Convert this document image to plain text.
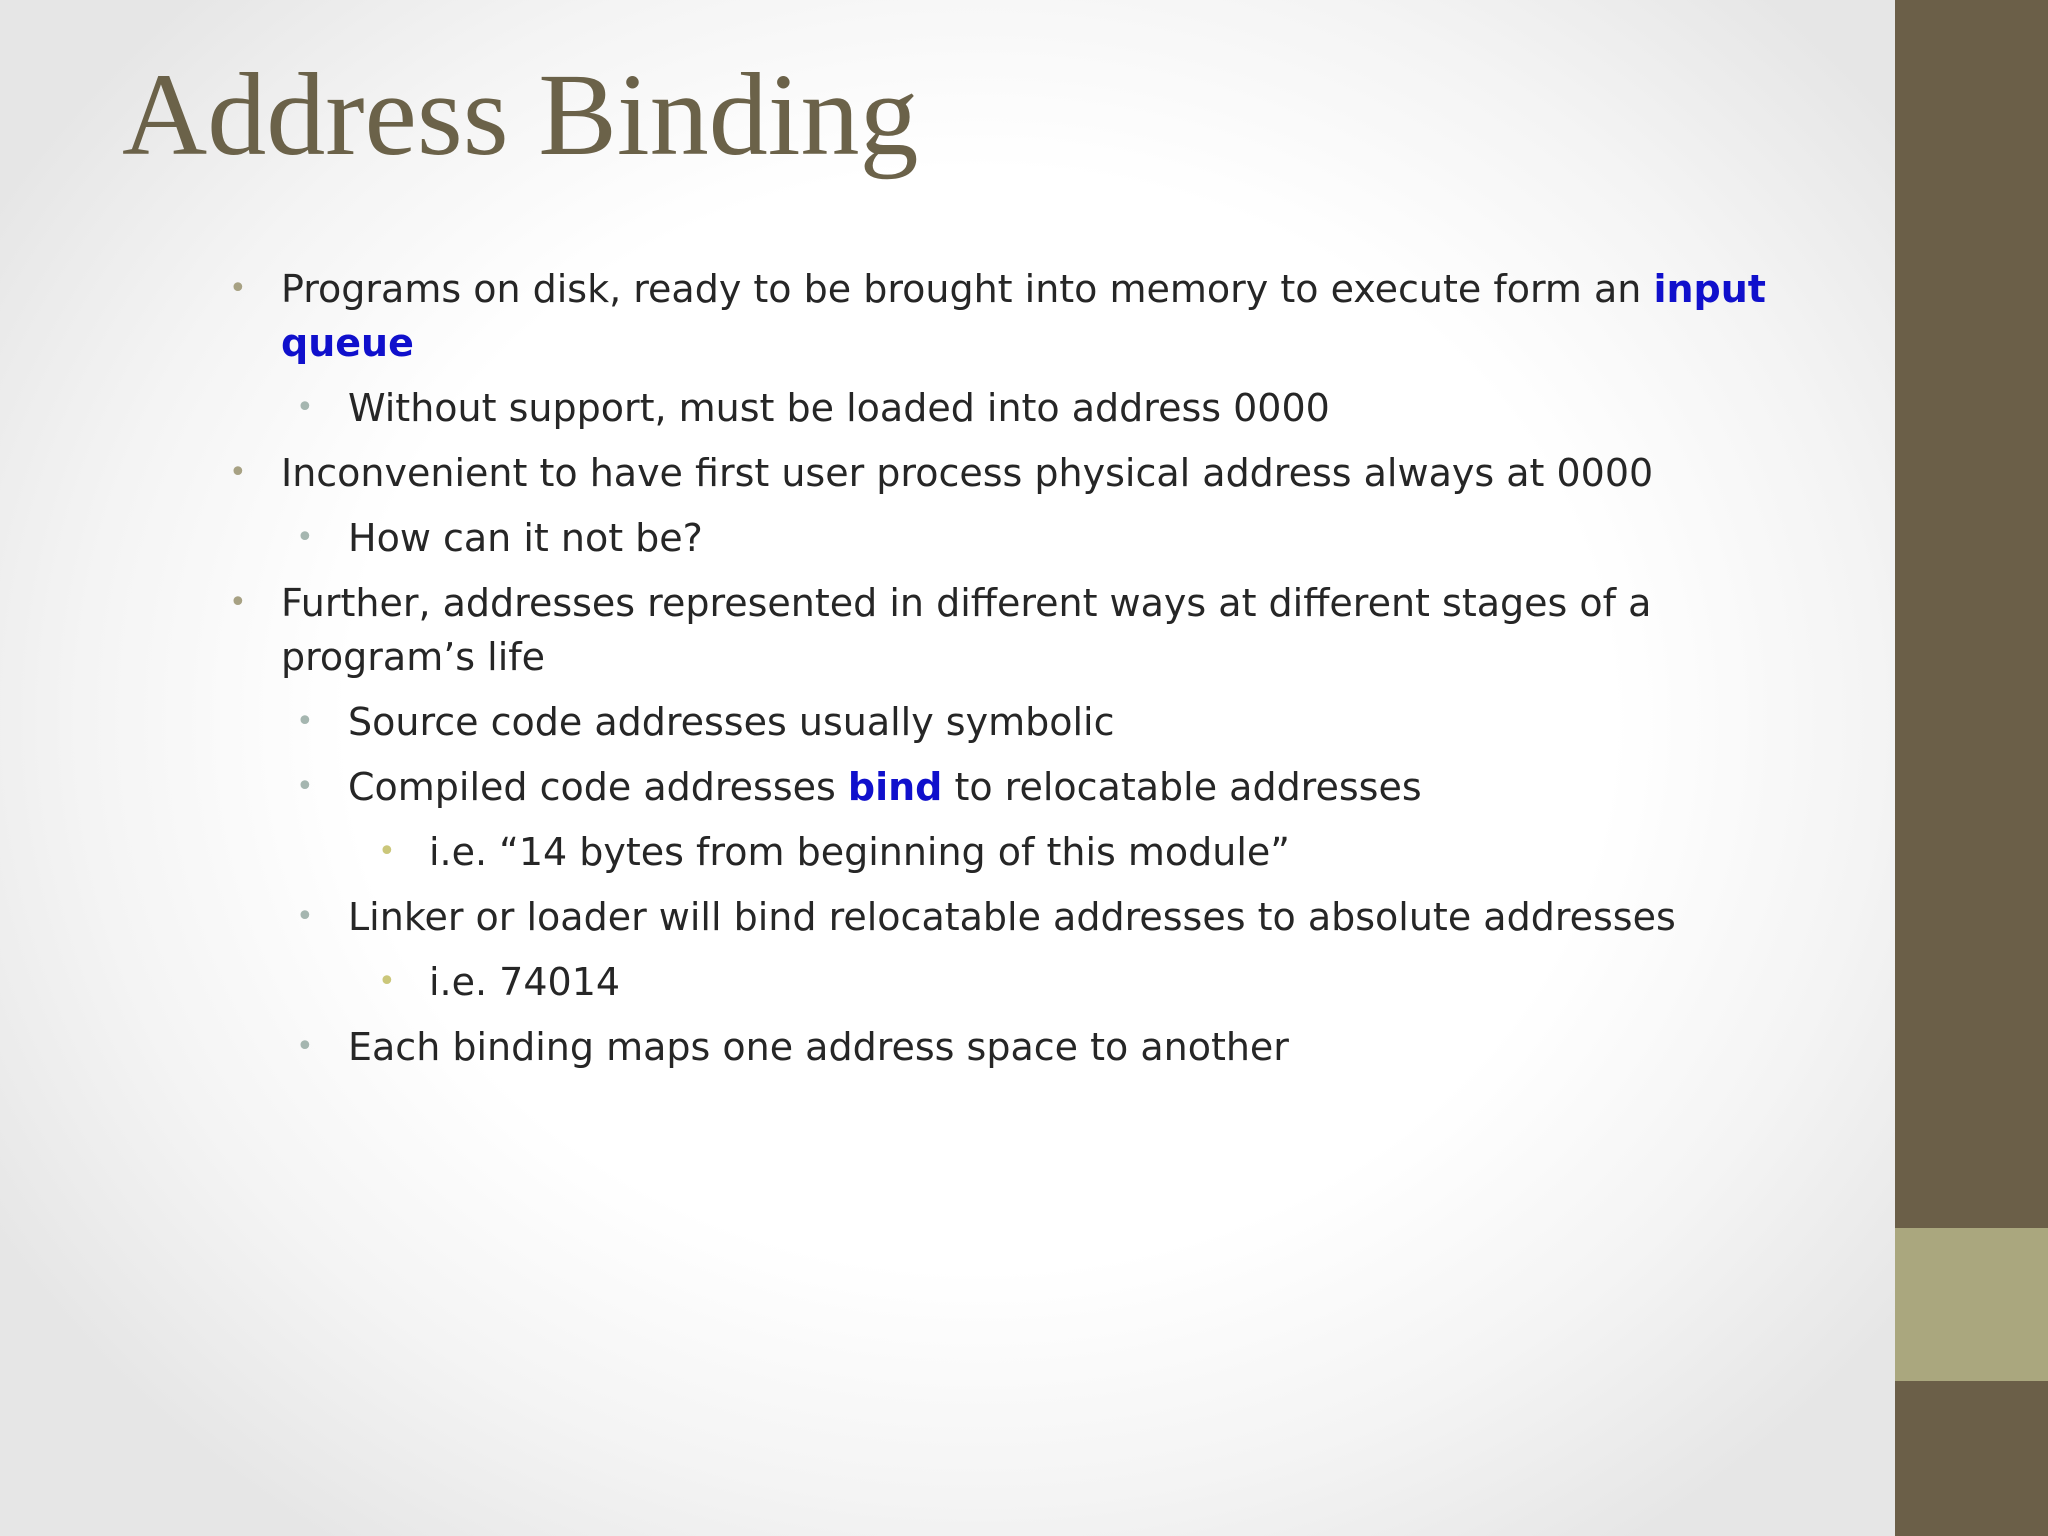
Address Binding
• Programs on disk, ready to be brought into memory to execute form an input queue
• Without support, must be loaded into address 0000
• Inconvenient to have first user process physical address always at 0000
• How can it not be?
• Further, addresses represented in different ways at different stages of a program’s life
• Source code addresses usually symbolic
• Compiled code addresses bind to relocatable addresses
• i.e. “14 bytes from beginning of this module”
• Linker or loader will bind relocatable addresses to absolute addresses
• i.e. 74014
• Each binding maps one address space to another
